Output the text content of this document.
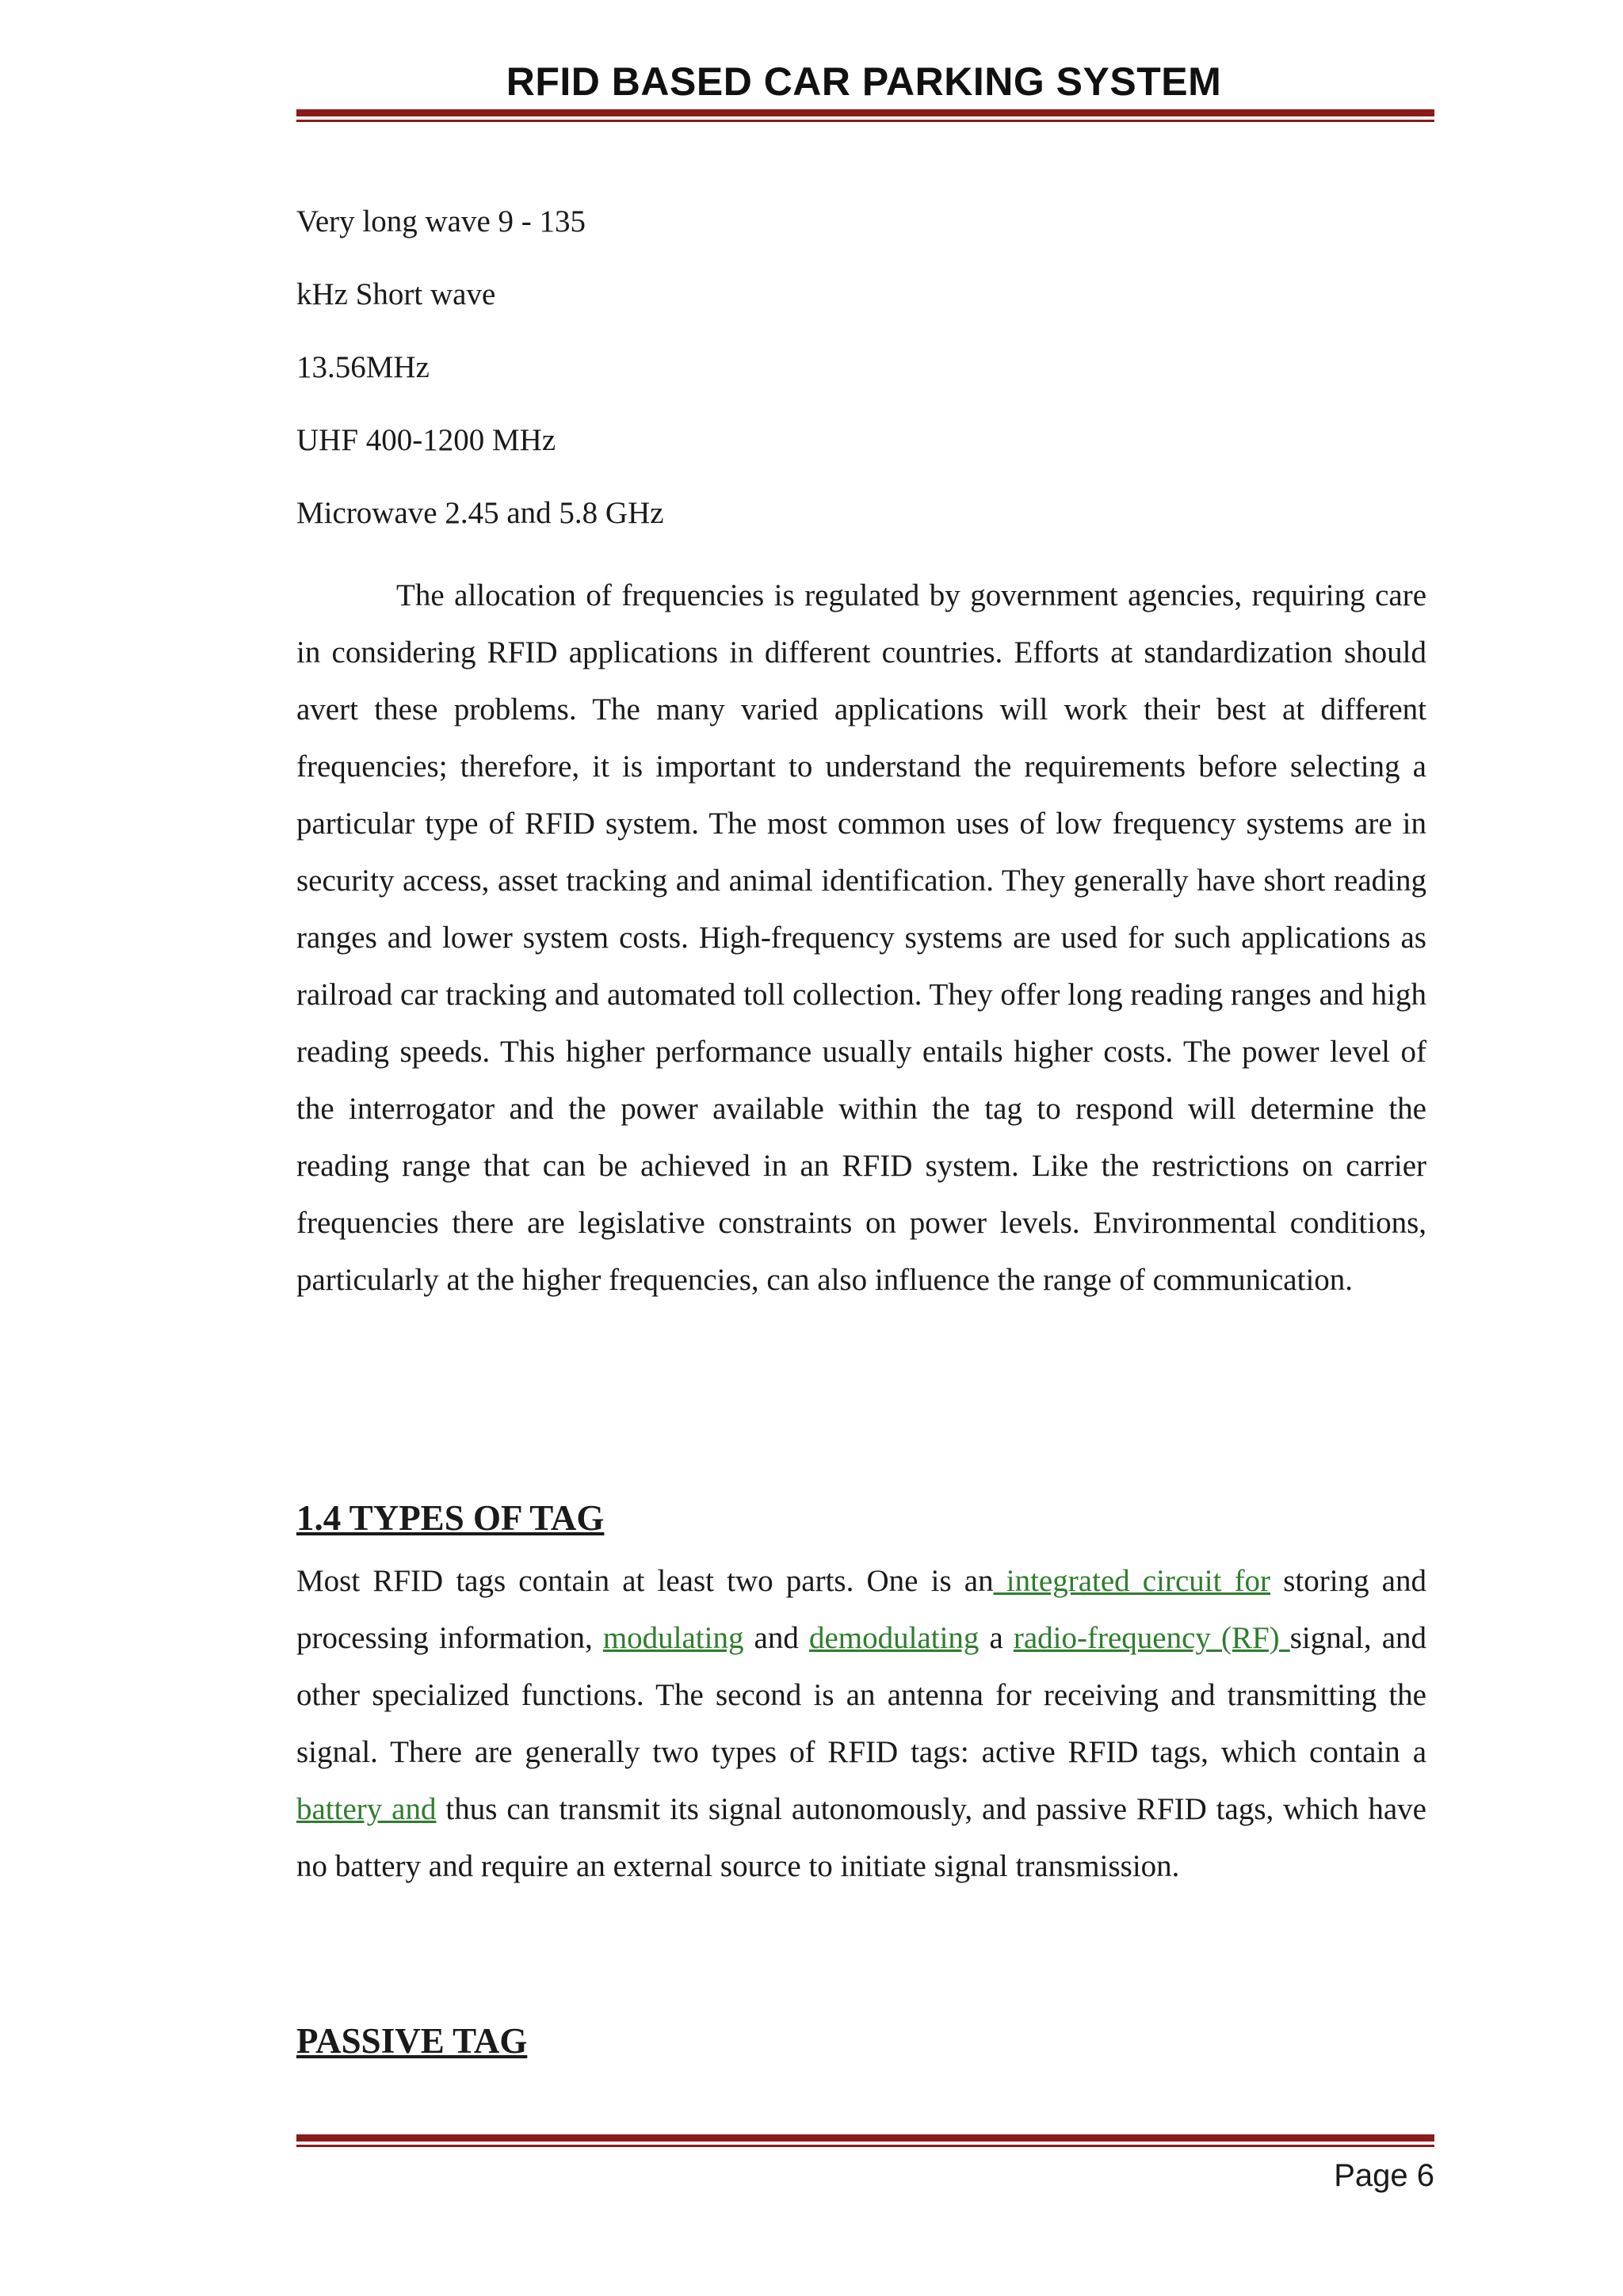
RFID BASED CAR PARKING SYSTEM
Very long wave 9 - 135
kHz Short wave
13.56MHz
UHF 400-1200 MHz
Microwave 2.45 and 5.8 GHz

The allocation of frequencies is regulated by government agencies, requiring care in considering RFID applications in different countries. Efforts at standardization should avert these problems. The many varied applications will work their best at different frequencies; therefore, it is important to understand the requirements before selecting a particular type of RFID system. The most common uses of low frequency systems are in security access, asset tracking and animal identification. They generally have short reading ranges and lower system costs. High-frequency systems are used for such applications as railroad car tracking and automated toll collection. They offer long reading ranges and high reading speeds. This higher performance usually entails higher costs. The power level of the interrogator and the power available within the tag to respond will determine the reading range that can be achieved in an RFID system. Like the restrictions on carrier frequencies there are legislative constraints on power levels. Environmental conditions, particularly at the higher frequencies, can also influence the range of communication.

1.4 TYPES OF TAG

Most RFID tags contain at least two parts. One is an integrated circuit for storing and processing information, modulating and demodulating a radio-frequency (RF) signal, and other specialized functions. The second is an antenna for receiving and transmitting the signal. There are generally two types of RFID tags: active RFID tags, which contain a battery and thus can transmit its signal autonomously, and passive RFID tags, which have no battery and require an external source to initiate signal transmission.

PASSIVE TAG
Page 6
